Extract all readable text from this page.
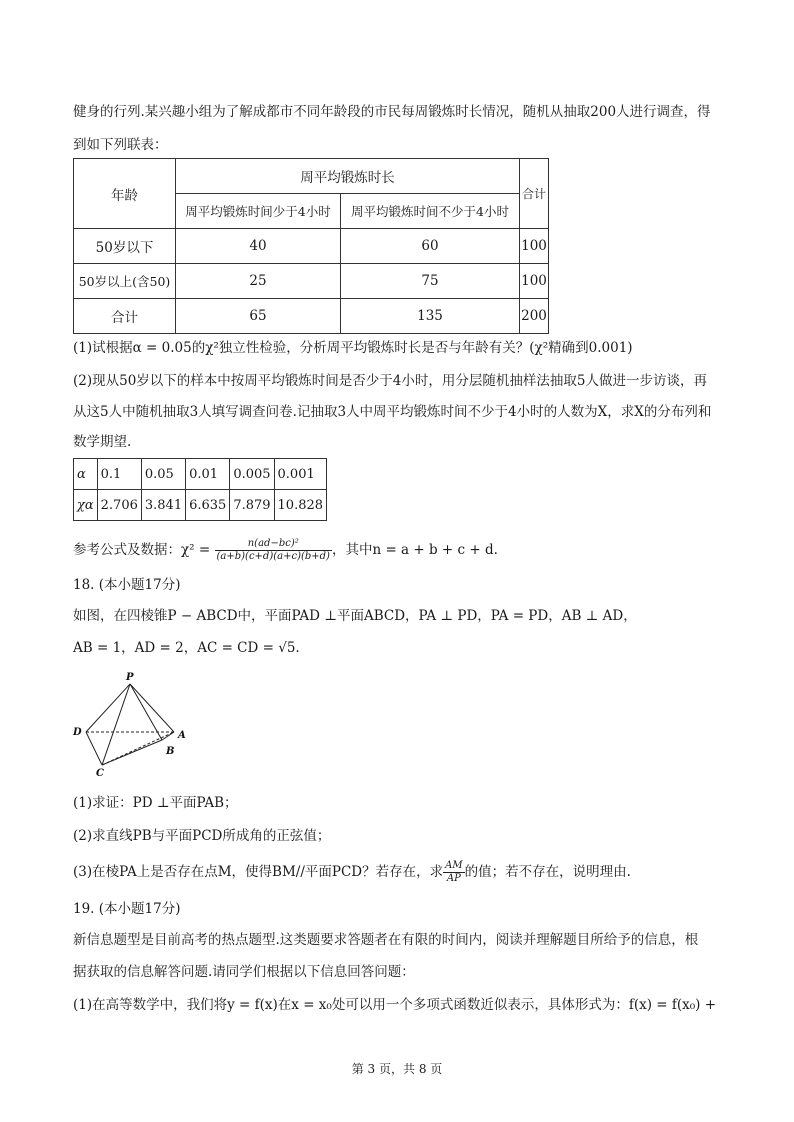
健身的行列.某兴趣小组为了解成都市不同年龄段的市民每周锻炼时长情况，随机从抽取200人进行调查，得
到如下列联表：
年龄	周平均锻炼时长		合计
	周平均锻炼时间少于4小时	周平均锻炼时间不少于4小时	
50岁以下	40	60	100
50岁以上(含50)	25	75	100
合计	65	135	200
(1)试根据α = 0.05的χ²独立性检验，分析周平均锻炼时长是否与年龄有关？(χ²精确到0.001)
(2)现从50岁以下的样本中按周平均锻炼时间是否少于4小时，用分层随机抽样法抽取5人做进一步访谈，再
从这5人中随机抽取3人填写调查问卷.记抽取3人中周平均锻炼时间不少于4小时的人数为X，求X的分布列和
数学期望.
α	0.1	0.05	0.01	0.005	0.001
χα	2.706	3.841	6.635	7.879	10.828
参考公式及数据：$\chi^2 = \frac{\text{n(ad−bc)²}}{(a+b)(c+d)(a+c)(b+d)}$ ，其中n = a + b + c + d.
18. (本小题17分)
如图，在四棱锥P − ABCD中，平面PAD ⊥平面ABCD，PA ⊥ PD，PA = PD，AB ⊥ AD，
AB = 1，AD = 2，AC = CD = √5.
P
D	A
B
C
(1)求证：PD ⊥平面PAB；
(2)求直线PB与平面PCD所成角的正弦值；
(3)在棱PA上是否存在点M，使得BM//平面PCD？若存在，求 $\frac{AM}{AP}$ 的值；若不存在，说明理由.
19. (本小题17分)
新信息题型是目前高考的热点题型.这类题要求答题者在有限的时间内，阅读并理解题目所给予的信息，根
据获取的信息解答问题.请同学们根据以下信息回答问题：
(1)在高等数学中，我们将y = f(x)在x = x₀处可以用一个多项式函数近似表示，具体形式为：f(x) = f(x₀) +
第 3 页，共 8 页
